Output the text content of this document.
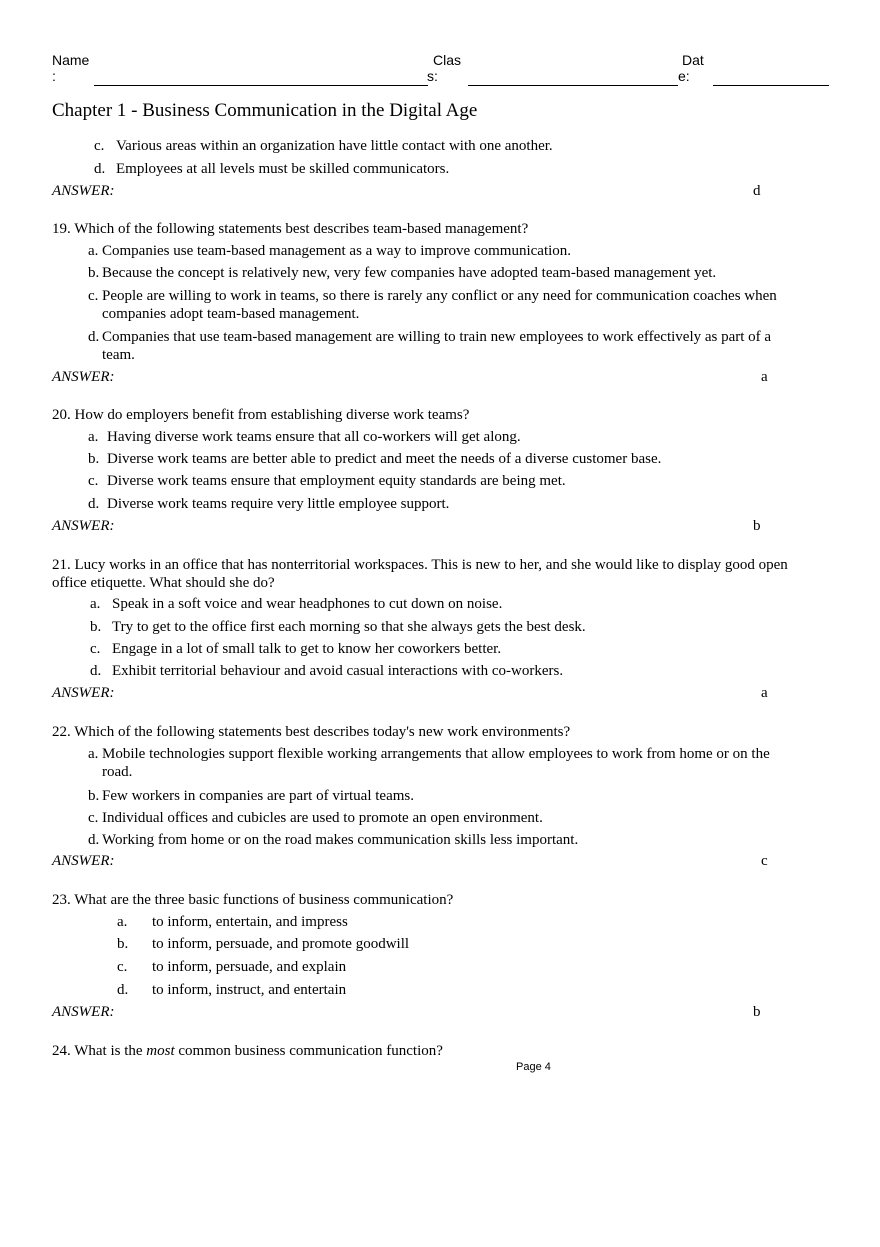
Name
:
Clas
s:
Dat
e:
Chapter 1 - Business Communication in the Digital Age
c. Various areas within an organization have little contact with one another.
d. Employees at all levels must be skilled communicators.
ANSWER:	d
19. Which of the following statements best describes team-based management?
a. Companies use team-based management as a way to improve communication.
b. Because the concept is relatively new, very few companies have adopted team-based management yet.
c. People are willing to work in teams, so there is rarely any conflict or any need for communication coaches when companies adopt team-based management.
d. Companies that use team-based management are willing to train new employees to work effectively as part of a team.
ANSWER:	a
20. How do employers benefit from establishing diverse work teams?
a. Having diverse work teams ensure that all co-workers will get along.
b. Diverse work teams are better able to predict and meet the needs of a diverse customer base.
c. Diverse work teams ensure that employment equity standards are being met.
d. Diverse work teams require very little employee support.
ANSWER:	b
21. Lucy works in an office that has nonterritorial workspaces. This is new to her, and she would like to display good open office etiquette. What should she do?
a. Speak in a soft voice and wear headphones to cut down on noise.
b. Try to get to the office first each morning so that she always gets the best desk.
c. Engage in a lot of small talk to get to know her coworkers better.
d. Exhibit territorial behaviour and avoid casual interactions with co-workers.
ANSWER:	a
22. Which of the following statements best describes today's new work environments?
a. Mobile technologies support flexible working arrangements that allow employees to work from home or on the road.
b. Few workers in companies are part of virtual teams.
c. Individual offices and cubicles are used to promote an open environment.
d. Working from home or on the road makes communication skills less important.
ANSWER:	c
23. What are the three basic functions of business communication?
a. to inform, entertain, and impress
b. to inform, persuade, and promote goodwill
c. to inform, persuade, and explain
d. to inform, instruct, and entertain
ANSWER:	b
24. What is the most common business communication function?
Page 4
